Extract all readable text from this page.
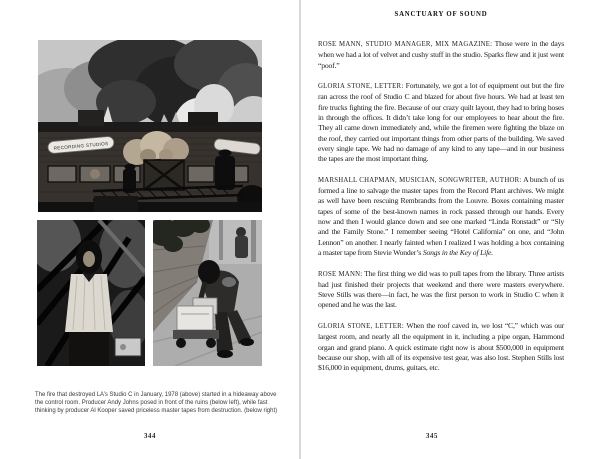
RECORDING STUDIOS
The fire that destroyed LA’s Studio C in January, 1978 (above) started in a hideaway above the control room. Producer Andy Johns posed in front of the ruins (below left), while fast thinking by producer Al Kooper saved priceless master tapes from destruction. (below right)
344
SANCTUARY OF SOUND

ROSE MANN, STUDIO MANAGER, MIX MAGAZINE: Those were in the days when we had a lot of velvet and cushy stuff in the studio. Sparks flew and it just went “poof.”

GLORIA STONE, LETTER: Fortunately, we got a lot of equipment out but the fire ran across the roof of Studio C and blazed for about five hours. We had at least ten fire trucks fighting the fire. Because of our crazy quilt layout, they had to bring hoses in through the offices. It didn’t take long for our employees to hear about the fire. They all came down immediately and, while the firemen were fighting the blaze on the roof, they carried out important things from other parts of the building. We saved every single tape. We had no damage of any kind to any tape—and in our business the tapes are the most important thing.

MARSHALL CHAPMAN, MUSICIAN, SONGWRITER, AUTHOR: A bunch of us formed a line to salvage the master tapes from the Record Plant archives. We might as well have been rescuing Rembrandts from the Louvre. Boxes containing master tapes of some of the best-known names in rock passed through our hands. Every now and then I would glance down and see one marked “Linda Ronstadt” or “Sly and the Family Stone.” I remember seeing “Hotel California” on one, and “John Lennon” on another. I nearly fainted when I realized I was holding a box containing a master tape from Stevie Wonder’s Songs in the Key of Life.

ROSE MANN: The first thing we did was to pull tapes from the library. Three artists had just finished their projects that weekend and there were masters everywhere. Steve Stills was there—in fact, he was the first person to work in Studio C when it opened and he was the last.

GLORIA STONE, LETTER: When the roof caved in, we lost “C,” which was our largest room, and nearly all the equipment in it, including a pipe organ, Hammond organ and grand piano. A quick estimate right now is about $500,000 in equipment because our shop, with all of its expensive test gear, was also lost. Stephen Stills lost $16,000 in equipment, drums, guitars, etc.

345
